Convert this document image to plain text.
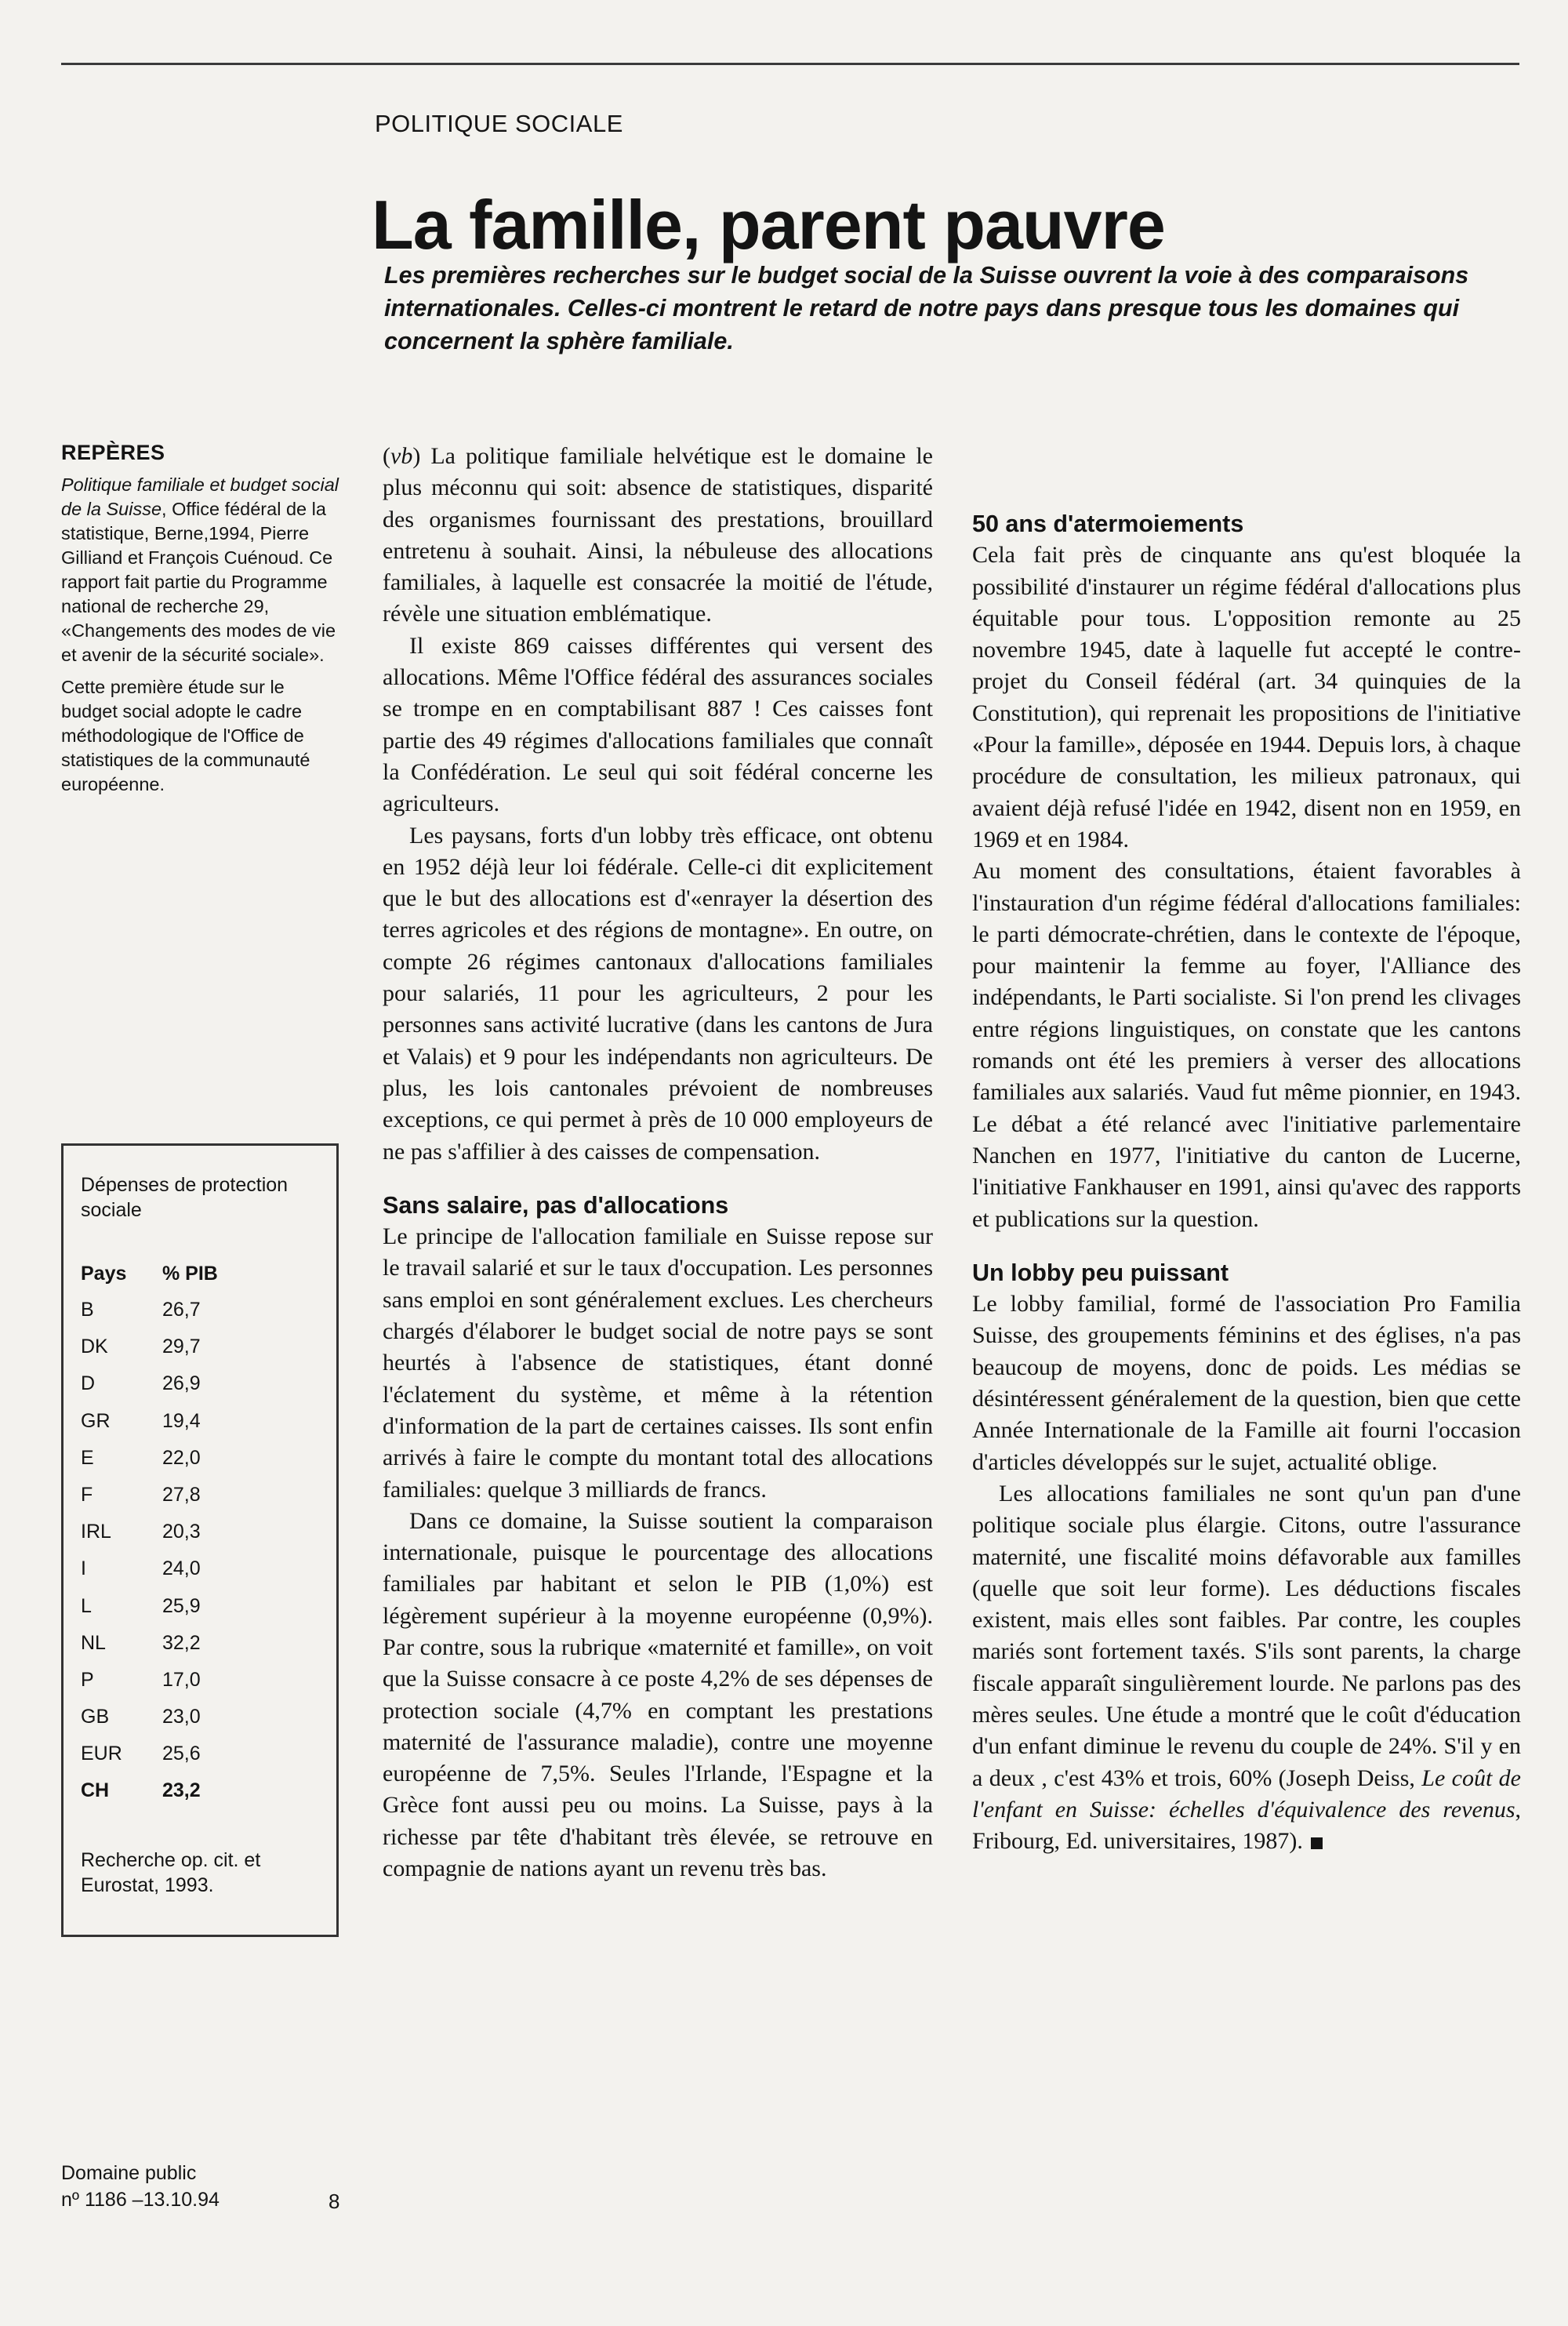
POLITIQUE SOCIALE
La famille, parent pauvre
Les premières recherches sur le budget social de la Suisse ouvrent la voie à des comparaisons internationales. Celles-ci montrent le retard de notre pays dans presque tous les domaines qui concernent la sphère familiale.
REPÈRES

Politique familiale et budget social de la Suisse, Office fédéral de la statistique, Berne,1994, Pierre Gilliand et François Cuénoud. Ce rapport fait partie du Programme national de recherche 29, «Changements des modes de vie et avenir de la sécurité sociale».

Cette première étude sur le budget social adopte le cadre méthodologique de l'Office de statistiques de la communauté européenne.

Dépenses de protection sociale
Pays	% PIB
B	26,7
DK	29,7
D	26,9
GR	19,4
E	22,0
F	27,8
IRL	20,3
I	24,0
L	25,9
NL	32,2
P	17,0
GB	23,0
EUR	25,6
CH	23,2
Recherche op. cit. et Eurostat, 1993.
Domaine public
nº 1186 –13.10.94	8

(vb) La politique familiale helvétique est le domaine le plus méconnu qui soit: absence de statistiques, disparité des organismes fournissant des prestations, brouillard entretenu à souhait. Ainsi, la nébuleuse des allocations familiales, à laquelle est consacrée la moitié de l'étude, révèle une situation emblématique.

Il existe 869 caisses différentes qui versent des allocations. Même l'Office fédéral des assurances sociales se trompe en en comptabilisant 887 ! Ces caisses font partie des 49 régimes d'allocations familiales que connaît la Confédération. Le seul qui soit fédéral concerne les agriculteurs.

Les paysans, forts d'un lobby très efficace, ont obtenu en 1952 déjà leur loi fédérale. Celle-ci dit explicitement que le but des allocations est d'«enrayer la désertion des terres agricoles et des régions de montagne». En outre, on compte 26 régimes cantonaux d'allocations familiales pour salariés, 11 pour les agriculteurs, 2 pour les personnes sans activité lucrative (dans les cantons de Jura et Valais) et 9 pour les indépendants non agriculteurs. De plus, les lois cantonales prévoient de nombreuses exceptions, ce qui permet à près de 10 000 employeurs de ne pas s'affilier à des caisses de compensation.

Sans salaire, pas d'allocations

Le principe de l'allocation familiale en Suisse repose sur le travail salarié et sur le taux d'occupation. Les personnes sans emploi en sont généralement exclues. Les chercheurs chargés d'élaborer le budget social de notre pays se sont heurtés à l'absence de statistiques, étant donné l'éclatement du système, et même à la rétention d'information de la part de certaines caisses. Ils sont enfin arrivés à faire le compte du montant total des allocations familiales: quelque 3 milliards de francs.

Dans ce domaine, la Suisse soutient la comparaison internationale, puisque le pourcentage des allocations familiales par habitant et selon le PIB (1,0%) est légèrement supérieur à la moyenne européenne (0,9%). Par contre, sous la rubrique «maternité et famille», on voit que la Suisse consacre à ce poste 4,2% de ses dépenses de protection sociale (4,7% en comptant les prestations maternité de l'assurance maladie), contre une moyenne européenne de 7,5%. Seules l'Irlande, l'Espagne et la Grèce font aussi peu ou moins. La Suisse, pays à la richesse par tête d'habitant très élevée, se retrouve en compagnie de nations ayant un revenu très bas.

50 ans d'atermoiements

Cela fait près de cinquante ans qu'est bloquée la possibilité d'instaurer un régime fédéral d'allocations plus équitable pour tous. L'opposition remonte au 25 novembre 1945, date à laquelle fut accepté le contre-projet du Conseil fédéral (art. 34 quinquies de la Constitution), qui reprenait les propositions de l'initiative «Pour la famille», déposée en 1944. Depuis lors, à chaque procédure de consultation, les milieux patronaux, qui avaient déjà refusé l'idée en 1942, disent non en 1959, en 1969 et en 1984.

Au moment des consultations, étaient favorables à l'instauration d'un régime fédéral d'allocations familiales: le parti démocrate-chrétien, dans le contexte de l'époque, pour maintenir la femme au foyer, l'Alliance des indépendants, le Parti socialiste. Si l'on prend les clivages entre régions linguistiques, on constate que les cantons romands ont été les premiers à verser des allocations familiales aux salariés. Vaud fut même pionnier, en 1943. Le débat a été relancé avec l'initiative parlementaire Nanchen en 1977, l'initiative du canton de Lucerne, l'initiative Fankhauser en 1991, ainsi qu'avec des rapports et publications sur la question.

Un lobby peu puissant

Le lobby familial, formé de l'association Pro Familia Suisse, des groupements féminins et des églises, n'a pas beaucoup de moyens, donc de poids. Les médias se désintéressent généralement de la question, bien que cette Année Internationale de la Famille ait fourni l'occasion d'articles développés sur le sujet, actualité oblige.

Les allocations familiales ne sont qu'un pan d'une politique sociale plus élargie. Citons, outre l'assurance maternité, une fiscalité moins défavorable aux familles (quelle que soit leur forme). Les déductions fiscales existent, mais elles sont faibles. Par contre, les couples mariés sont fortement taxés. S'ils sont parents, la charge fiscale apparaît singulièrement lourde. Ne parlons pas des mères seules. Une étude a montré que le coût d'éducation d'un enfant diminue le revenu du couple de 24%. S'il y en a deux , c'est 43% et trois, 60% (Joseph Deiss, Le coût de l'enfant en Suisse: échelles d'équivalence des revenus, Fribourg, Ed. universitaires, 1987).
